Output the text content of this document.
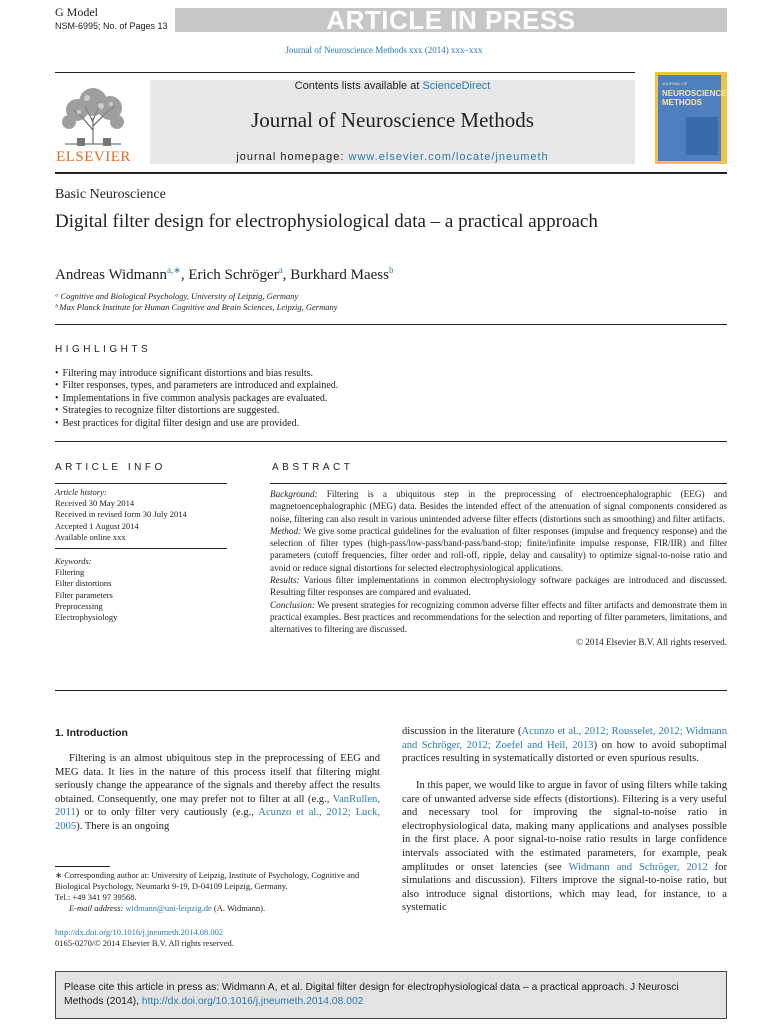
G Model
NSM-6995; No. of Pages 13	ARTICLE IN PRESS
Journal of Neuroscience Methods xxx (2014) xxx–xxx
ELSEVIER
Contents lists available at ScienceDirect
Journal of Neuroscience Methods
journal homepage: www.elsevier.com/locate/jneumeth
JOURNAL OF
NEUROSCIENCE
METHODS
Basic Neuroscience
Digital filter design for electrophysiological data – a practical approach
Andreas Widmann$^{a,∗}$, Erich Schröger$^a$, Burkhard Maess$^b$
ᵃ Cognitive and Biological Psychology, University of Leipzig, Germany
ᵇ Max Planck Institute for Human Cognitive and Brain Sciences, Leipzig, Germany
HIGHLIGHTS
• Filtering may introduce significant distortions and bias results.
• Filter responses, types, and parameters are introduced and explained.
• Implementations in five common analysis packages are evaluated.
• Strategies to recognize filter distortions are suggested.
• Best practices for digital filter design and use are provided.
ARTICLE INFO
Article history:
Received 30 May 2014
Received in revised form 30 July 2014
Accepted 1 August 2014
Available online xxx
Keywords:
Filtering
Filter distortions
Filter parameters
Preprocessing
Electrophysiology
ABSTRACT
Background: Filtering is a ubiquitous step in the preprocessing of electroencephalographic (EEG) and magnetoencephalographic (MEG) data. Besides the intended effect of the attenuation of signal components considered as noise, filtering can also result in various unintended adverse filter effects (distortions such as smoothing) and filter artifacts.
Method: We give some practical guidelines for the evaluation of filter responses (impulse and frequency response) and the selection of filter types (high-pass/low-pass/band-pass/band-stop; finite/infinite impulse response, FIR/IIR) and filter parameters (cutoff frequencies, filter order and roll-off, ripple, delay and causality) to optimize signal-to-noise ratio and avoid or reduce signal distortions for selected electrophysiological applications.
Results: Various filter implementations in common electrophysiology software packages are introduced and discussed. Resulting filter responses are compared and evaluated.
Conclusion: We present strategies for recognizing common adverse filter effects and filter artifacts and demonstrate them in practical examples. Best practices and recommendations for the selection and reporting of filter parameters, limitations, and alternatives to filtering are discussed.
© 2014 Elsevier B.V. All rights reserved.
1. Introduction
Filtering is an almost ubiquitous step in the preprocessing of EEG and MEG data. It lies in the nature of this process itself that filtering might seriously change the appearance of the signals and thereby affect the results obtained. Consequently, one may prefer not to filter at all (e.g., VanRullen, 2011) or to only filter very cautiously (e.g., Acunzo et al., 2012; Luck, 2005). There is an ongoing
discussion in the literature (Acunzo et al., 2012; Rousselet, 2012; Widmann and Schröger, 2012; Zoefel and Heil, 2013) on how to avoid suboptimal practices resulting in systematically distorted or even spurious results.
In this paper, we would like to argue in favor of using filters while taking care of unwanted adverse side effects (distortions). Filtering is a very useful and necessary tool for improving the signal-to-noise ratio in electrophysiological data, making many applications and analyses possible in the first place. A poor signal-to-noise ratio results in large confidence intervals associated with the estimated parameters, for example, peak amplitudes or onset latencies (see Widmann and Schröger, 2012 for simulations and discussion). Filters improve the signal-to-noise ratio, but also introduce signal distortions, which may lead, for instance, to a systematic
∗ Corresponding author at: University of Leipzig, Institute of Psychology, Cognitive and Biological Psychology, Neumarkt 9-19, D-04109 Leipzig, Germany.
Tel.: +49 341 97 39568.
E-mail address: widmann@uni-leipzig.de (A. Widmann).
http://dx.doi.org/10.1016/j.jneumeth.2014.08.002
0165-0270/© 2014 Elsevier B.V. All rights reserved.
Please cite this article in press as: Widmann A, et al. Digital filter design for electrophysiological data – a practical approach. J Neurosci Methods (2014), http://dx.doi.org/10.1016/j.jneumeth.2014.08.002
